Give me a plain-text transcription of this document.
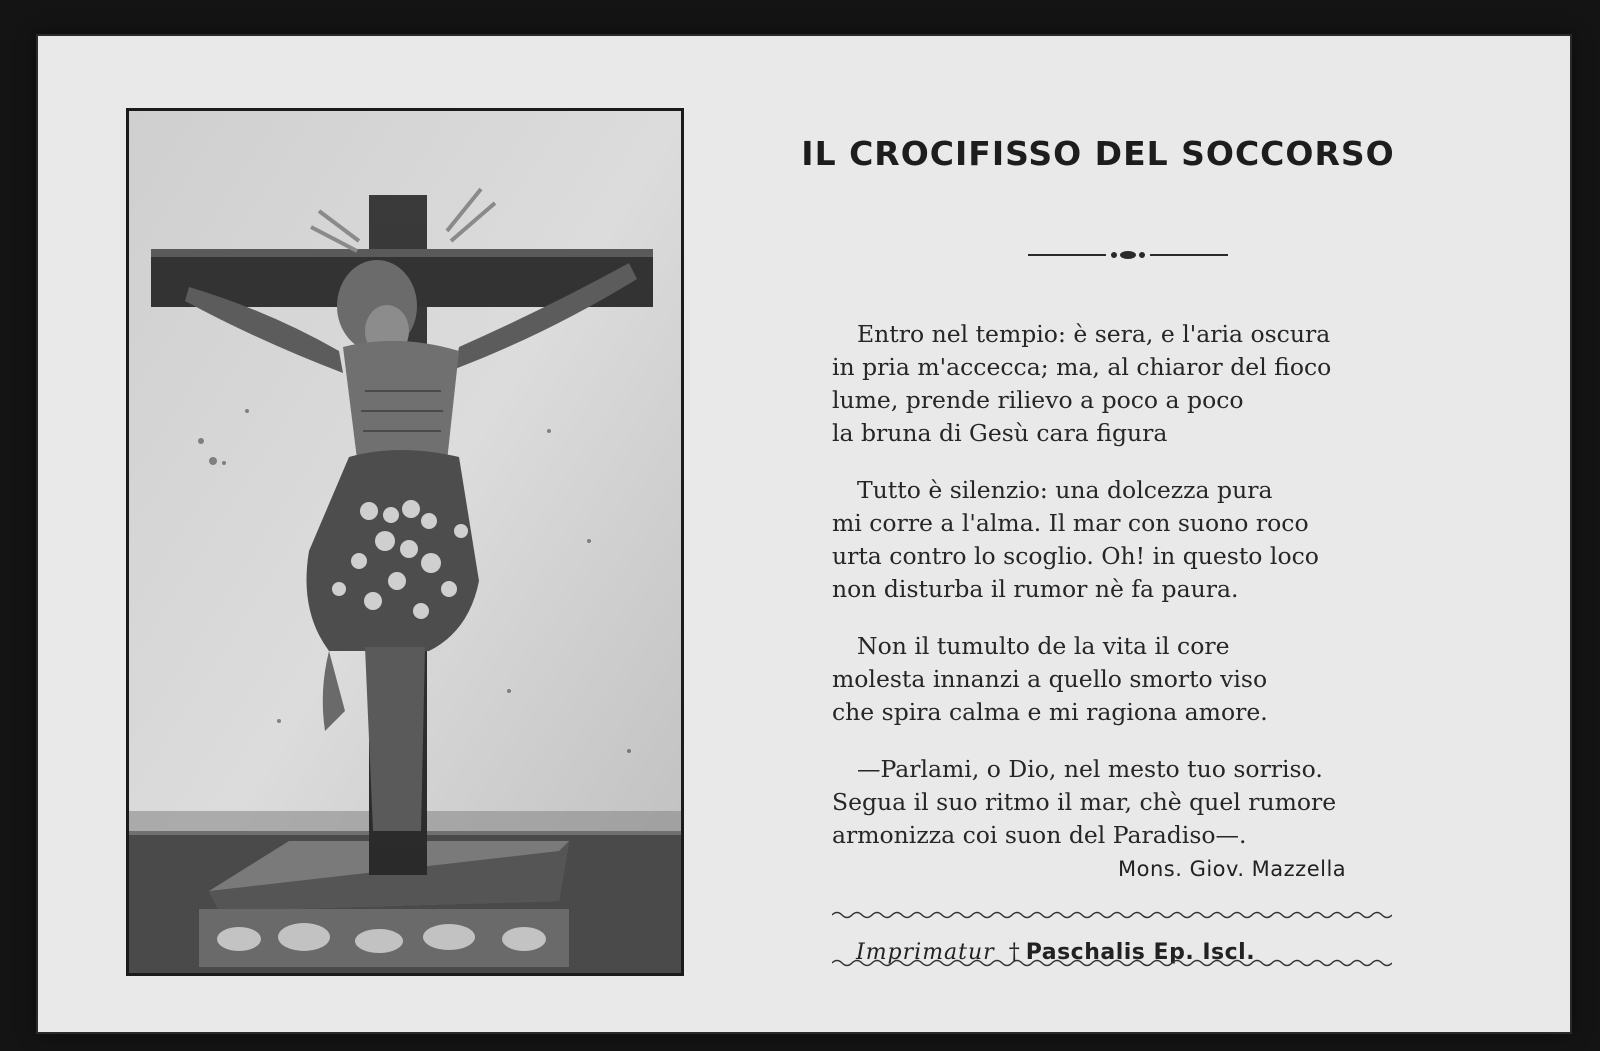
IL CROCIFISSO DEL SOCCORSO
Entro nel tempio: è sera, e l'aria oscura
in pria m'accecca; ma, al chiaror del fioco
lume, prende rilievo a poco a poco
la bruna di Gesù cara figura
Tutto è silenzio: una dolcezza pura
mi corre a l'alma. Il mar con suono roco
urta contro lo scoglio. Oh! in questo loco
non disturba il rumor nè fa paura.
Non il tumulto de la vita il core
molesta innanzi a quello smorto viso
che spira calma e mi ragiona amore.
—Parlami, o Dio, nel mesto tuo sorriso.
Segua il suo ritmo il mar, chè quel rumore
armonizza coi suon del Paradiso—.
Mons. Giov. Mazzella
Imprimatur † Paschalis Ep. Iscl.
